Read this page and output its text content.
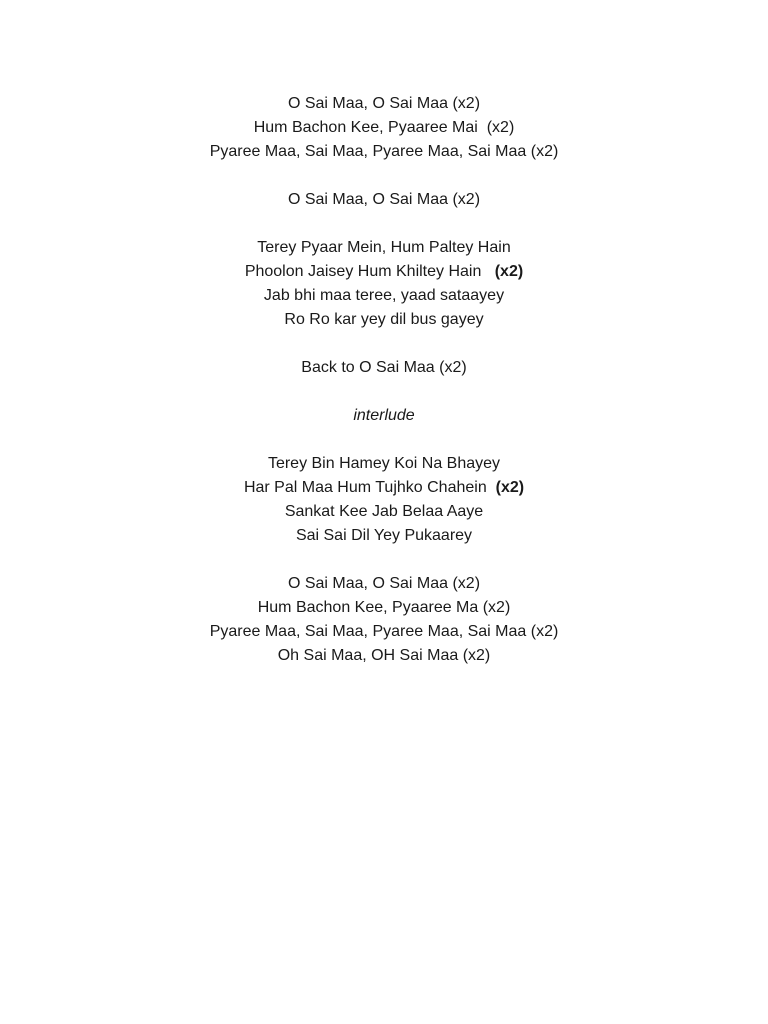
O Sai Maa, O Sai Maa (x2)
Hum Bachon Kee, Pyaaree Mai  (x2)
Pyaree Maa, Sai Maa, Pyaree Maa, Sai Maa (x2)
O Sai Maa, O Sai Maa (x2)
Terey Pyaar Mein, Hum Paltey Hain
Phoolon Jaisey Hum Khiltey Hain   (x2)
Jab bhi maa teree, yaad sataayey
Ro Ro kar yey dil bus gayey
Back to O Sai Maa (x2)
interlude
Terey Bin Hamey Koi Na Bhayey
Har Pal Maa Hum Tujhko Chahein  (x2)
Sankat Kee Jab Belaa Aaye
Sai Sai Dil Yey Pukaarey
O Sai Maa, O Sai Maa (x2)
Hum Bachon Kee, Pyaaree Ma (x2)
Pyaree Maa, Sai Maa, Pyaree Maa, Sai Maa (x2)
Oh Sai Maa, OH Sai Maa (x2)
